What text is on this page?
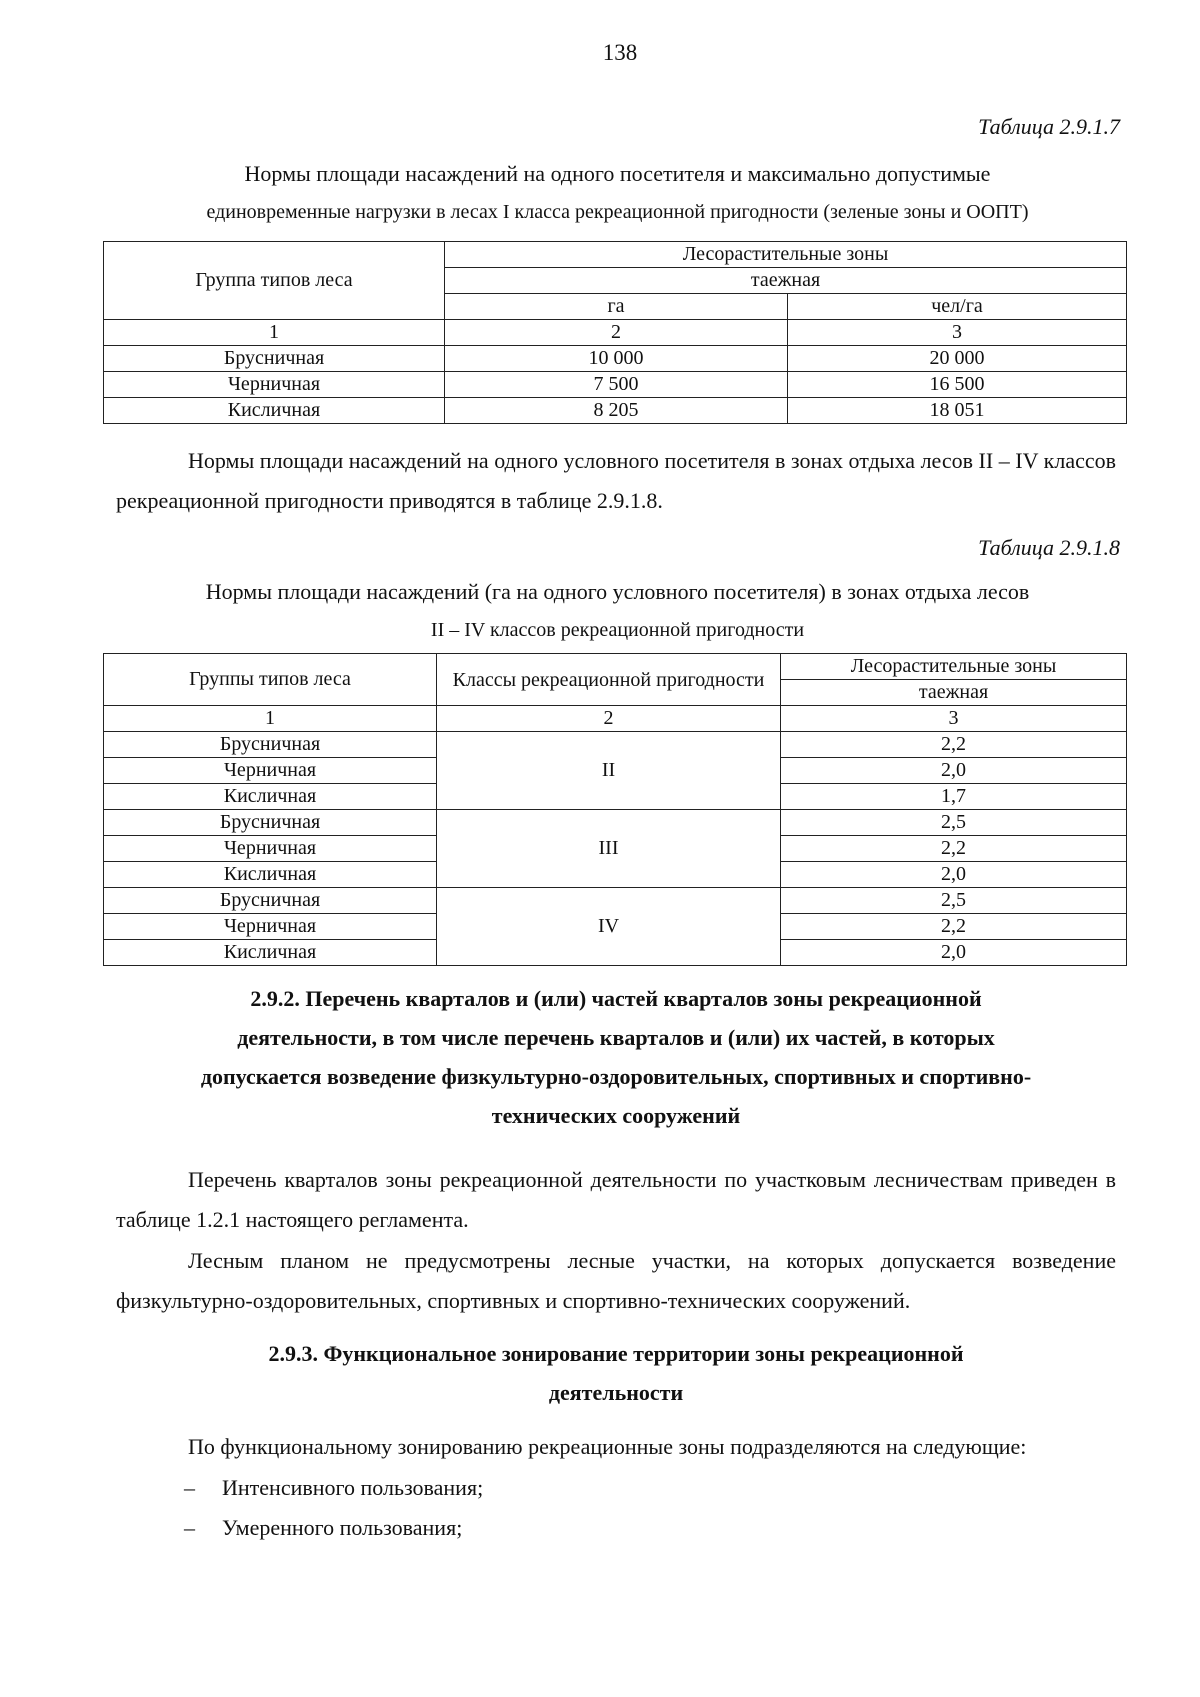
138
Таблица 2.9.1.7
Нормы площади насаждений на одного посетителя и максимально допустимые
единовременные нагрузки в лесах I класса рекреационной пригодности (зеленые зоны и ООПТ)
Группа типов леса	Лесорастительные зоны	
	таежная	
	га	чел/га
1	2	3
Брусничная	10 000	20 000
Черничная	7 500	16 500
Кисличная	8 205	18 051
Нормы площади насаждений на одного условного посетителя в зонах отдыха лесов II – IV классов рекреационной пригодности приводятся в таблице 2.9.1.8.
Таблица 2.9.1.8
Нормы площади насаждений (га на одного условного посетителя) в зонах отдыха лесов
II – IV классов рекреационной пригодности
Группы типов леса	Классы рекреационной пригодности	Лесорастительные зоны
		таежная
1	2	3
Брусничная	II	2,2
Черничная		2,0
Кисличная		1,7
Брусничная	III	2,5
Черничная		2,2
Кисличная		2,0
Брусничная	IV	2,5
Черничная		2,2
Кисличная		2,0
2.9.2. Перечень кварталов и (или) частей кварталов зоны рекреационной
деятельности, в том числе перечень кварталов и (или) их частей, в которых
допускается возведение физкультурно-оздоровительных, спортивных и спортивно-
технических сооружений
Перечень кварталов зоны рекреационной деятельности по участковым лесничествам приведен в таблице 1.2.1 настоящего регламента.
Лесным планом не предусмотрены лесные участки, на которых допускается возведение физкультурно-оздоровительных, спортивных и спортивно-технических сооружений.
2.9.3. Функциональное зонирование территории зоны рекреационной
деятельности
По функциональному зонированию рекреационные зоны подразделяются на следующие:
– Интенсивного пользования;
– Умеренного пользования;
